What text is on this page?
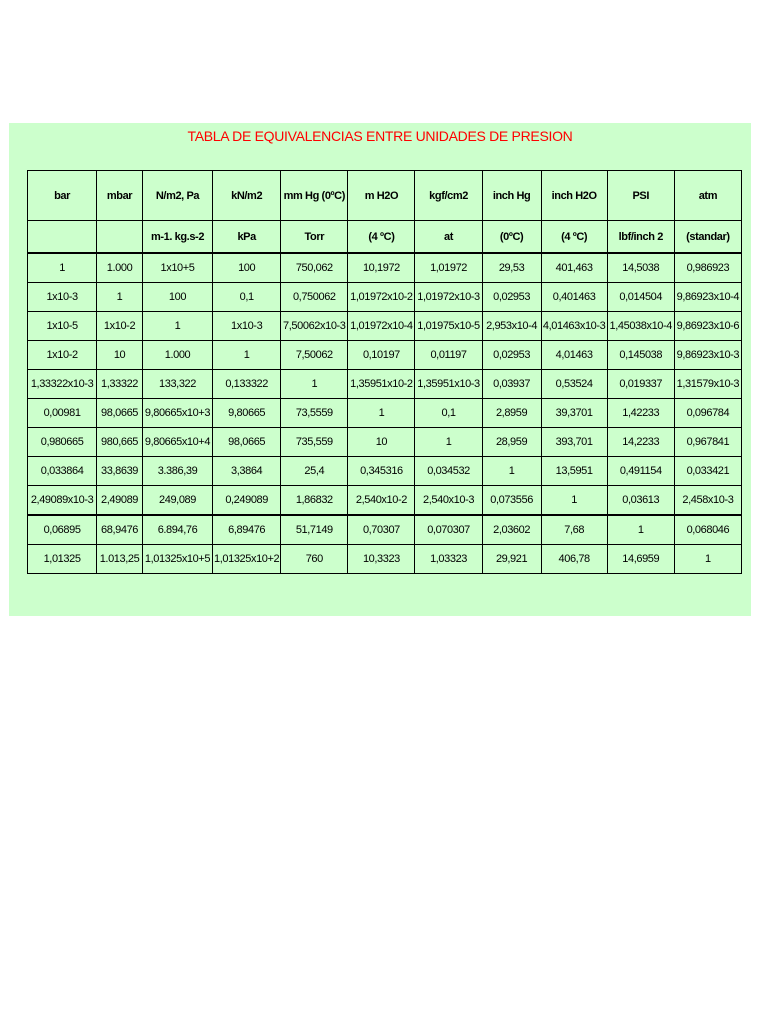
TABLA DE EQUIVALENCIAS ENTRE UNIDADES DE PRESION
bar	mbar	N/m2, Pa	kN/m2	mm Hg (0ºC)	m H2O	kgf/cm2	inch Hg	inch H2O	PSI	atm
		m-1. kg.s-2	kPa	Torr	(4 ºC)	at	(0ºC)	(4 ºC)	lbf/inch 2	(standar)
1	1.000	1x10+5	100	750,062	10,1972	1,01972	29,53	401,463	14,5038	0,986923
1x10-3	1	100	0,1	0,750062	1,01972x10-2	1,01972x10-3	0,02953	0,401463	0,014504	9,86923x10-4
1x10-5	1x10-2	1	1x10-3	7,50062x10-3	1,01972x10-4	1,01975x10-5	2,953x10-4	4,01463x10-3	1,45038x10-4	9,86923x10-6
1x10-2	10	1.000	1	7,50062	0,10197	0,01197	0,02953	4,01463	0,145038	9,86923x10-3
1,33322x10-3	1,33322	133,322	0,133322	1	1,35951x10-2	1,35951x10-3	0,03937	0,53524	0,019337	1,31579x10-3
0,00981	98,0665	9,80665x10+3	9,80665	73,5559	1	0,1	2,8959	39,3701	1,42233	0,096784
0,980665	980,665	9,80665x10+4	98,0665	735,559	10	1	28,959	393,701	14,2233	0,967841
0,033864	33,8639	3.386,39	3,3864	25,4	0,345316	0,034532	1	13,5951	0,491154	0,033421
2,49089x10-3	2,49089	249,089	0,249089	1,86832	2,540x10-2	2,540x10-3	0,073556	1	0,03613	2,458x10-3
0,06895	68,9476	6.894,76	6,89476	51,7149	0,70307	0,070307	2,03602	7,68	1	0,068046
1,01325	1.013,25	1,01325x10+5	1,01325x10+2	760	10,3323	1,03323	29,921	406,78	14,6959	1
